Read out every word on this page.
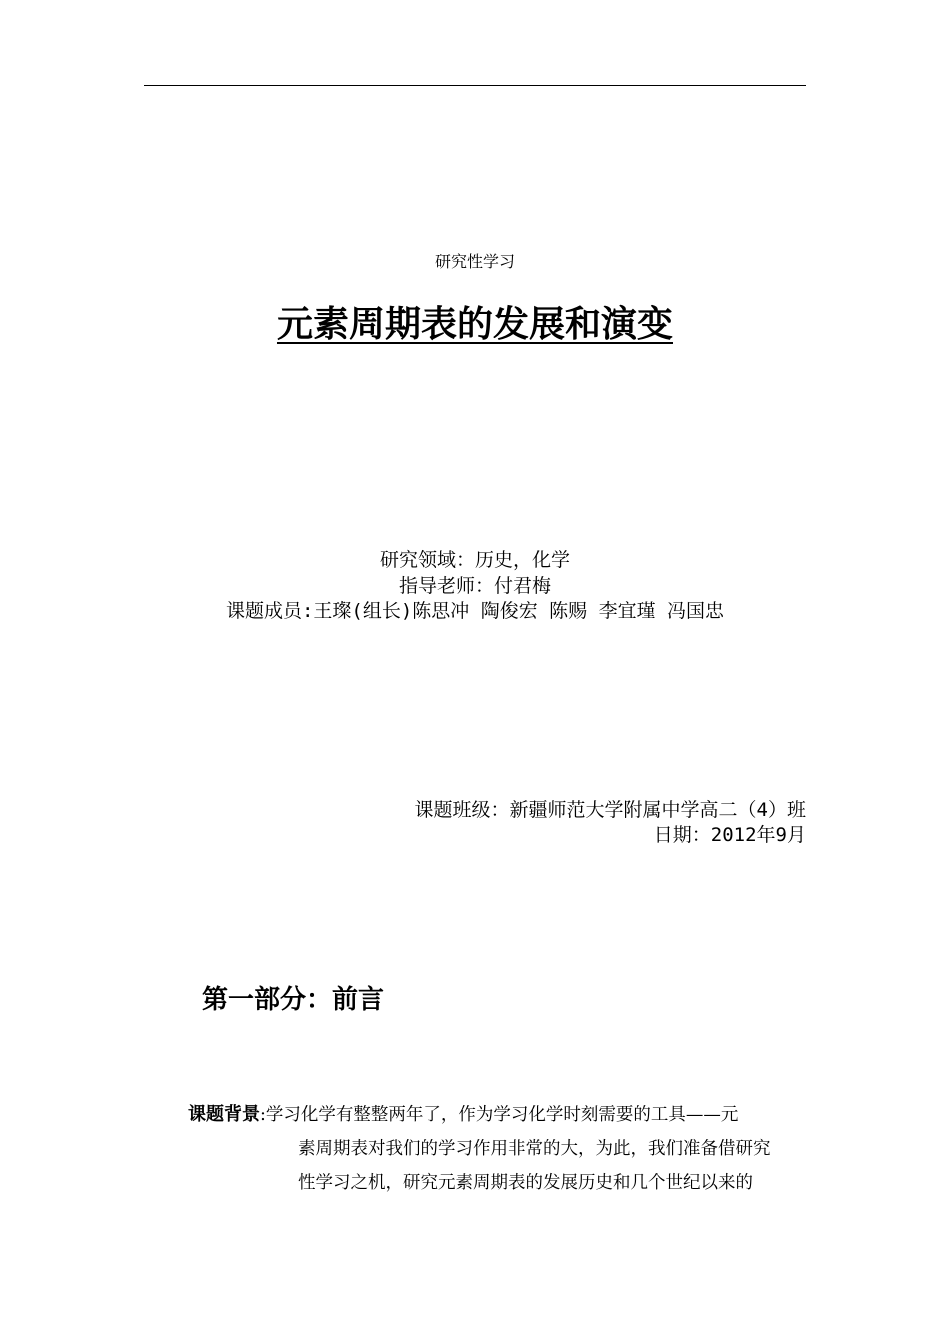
研究性学习
元素周期表的发展和演变
研究领域：历史，化学
指导老师：付君梅
课题成员:王璨(组长)陈思冲 陶俊宏 陈赐 李宜瑾 冯国忠
课题班级：新疆师范大学附属中学高二（4）班
日期：2012年9月
第一部分：前言
课题背景:学习化学有整整两年了，作为学习化学时刻需要的工具——元
素周期表对我们的学习作用非常的大，为此，我们准备借研究
性学习之机，研究元素周期表的发展历史和几个世纪以来的
